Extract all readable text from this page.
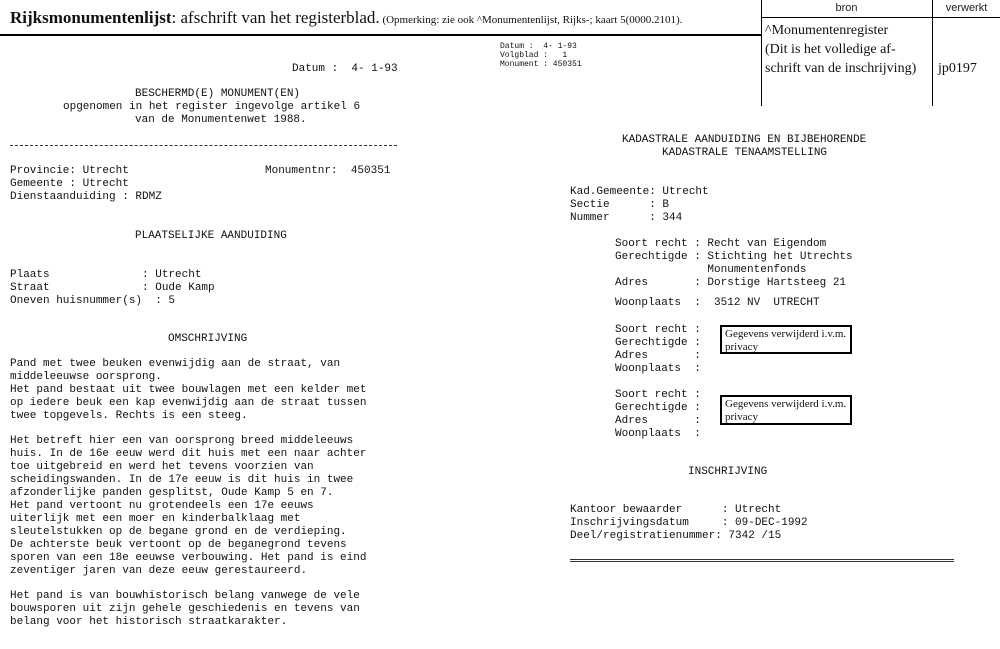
Rijksmonumentenlijst: afschrift van het registerblad. (Opmerking: zie ook ^Monumentenlijst, Rijks-; kaart 5(0000.2101).

bron

	verwerkt

^Monumentenregister

(Dit is het volledige af-

schrift van de inschrijving)

jp0197

Datum :  4- 1-93
Volgblad :   1
Monument : 450351
Datum :  4- 1-93
BESCHERMD(E) MONUMENT(EN)
opgenomen in het register ingevolge artikel 6
van de Monumentenwet 1988.
Provincie: Utrecht	Monumentnr:  450351
Gemeente : Utrecht
Dienstaanduiding : RDMZ
PLAATSELIJKE AANDUIDING
Plaats              : Utrecht
Straat              : Oude Kamp
Oneven huisnummer(s)  : 5
OMSCHRIJVING
Pand met twee beuken evenwijdig aan de straat, van
middeleeuwse oorsprong.
Het pand bestaat uit twee bouwlagen met een kelder met
op iedere beuk een kap evenwijdig aan de straat tussen
twee topgevels. Rechts is een steeg.
Het betreft hier een van oorsprong breed middeleeuws
huis. In de 16e eeuw werd dit huis met een naar achter
toe uitgebreid en werd het tevens voorzien van
scheidingswanden. In de 17e eeuw is dit huis in twee
afzonderlijke panden gesplitst, Oude Kamp 5 en 7.
Het pand vertoont nu grotendeels een 17e eeuws
uiterlijk met een moer en kinderbalklaag met
sleutelstukken op de begane grond en de verdieping.
De achterste beuk vertoont op de beganegrond tevens
sporen van een 18e eeuwse verbouwing. Het pand is eind
zeventiger jaren van deze eeuw gerestaureerd.
Het pand is van bouwhistorisch belang vanwege de vele
bouwsporen uit zijn gehele geschiedenis en tevens van
belang voor het historisch straatkarakter.
KADASTRALE AANDUIDING EN BIJBEHORENDE
KADASTRALE TENAAMSTELLING
Kad.Gemeente: Utrecht
Sectie      : B
Nummer      : 344
Soort recht : Recht van Eigendom
Gerechtigde : Stichting het Utrechts
Monumentenfonds
Adres       : Dorstige Hartsteeg 21
Woonplaats  :  3512 NV  UTRECHT
Soort recht :
Gerechtigde :
Adres       :
Woonplaats  :
Gegevens verwijderd i.v.m. privacy
Soort recht :
Gerechtigde :
Adres       :
Woonplaats  :
Gegevens verwijderd i.v.m. privacy
INSCHRIJVING
Kantoor bewaarder      : Utrecht
Inschrijvingsdatum     : 09-DEC-1992
Deel/registratienummer: 7342 /15
